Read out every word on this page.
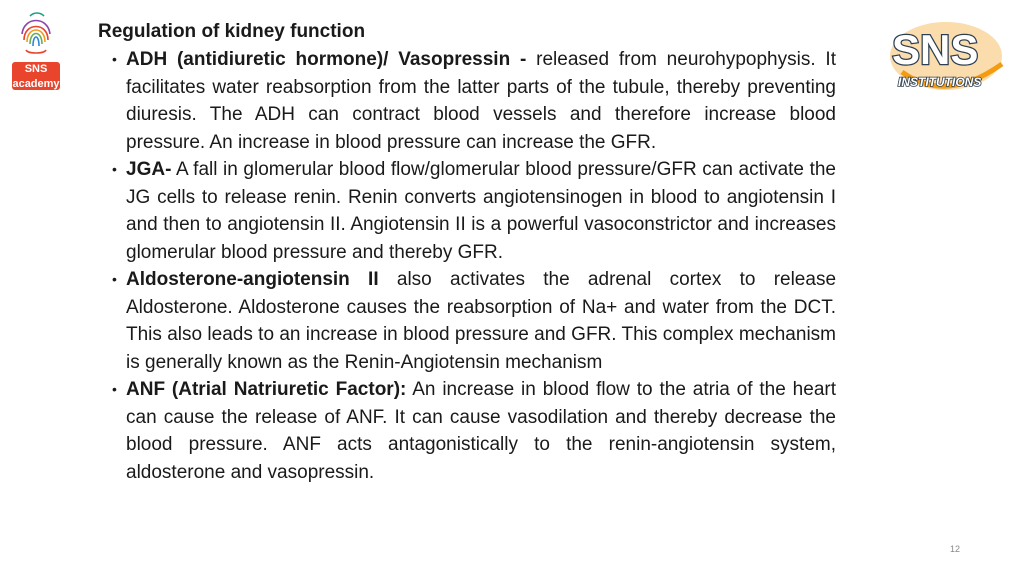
SNS academy
a fingerprint school
SNS
INSTITUTIONS
Regulation of kidney function
• ADH (antidiuretic hormone)/ Vasopressin - released from neurohypophysis. It facilitates water reabsorption from the latter parts of the tubule, thereby preventing diuresis. The ADH can contract blood vessels and therefore increase blood pressure. An increase in blood pressure can increase the GFR.
• JGA- A fall in glomerular blood flow/glomerular blood pressure/GFR can activate the JG cells to release renin. Renin converts angiotensinogen in blood to angiotensin I and then to angiotensin II. Angiotensin II is a powerful vasoconstrictor and increases glomerular blood pressure and thereby GFR.
• Aldosterone-angiotensin II also activates the adrenal cortex to release Aldosterone. Aldosterone causes the reabsorption of Na+ and water from the DCT. This also leads to an increase in blood pressure and GFR. This complex mechanism is generally known as the Renin-Angiotensin mechanism
• ANF (Atrial Natriuretic Factor): An increase in blood flow to the atria of the heart can cause the release of ANF. It can cause vasodilation and thereby decrease the blood pressure. ANF acts antagonistically to the renin-angiotensin system, aldosterone and vasopressin.
12
